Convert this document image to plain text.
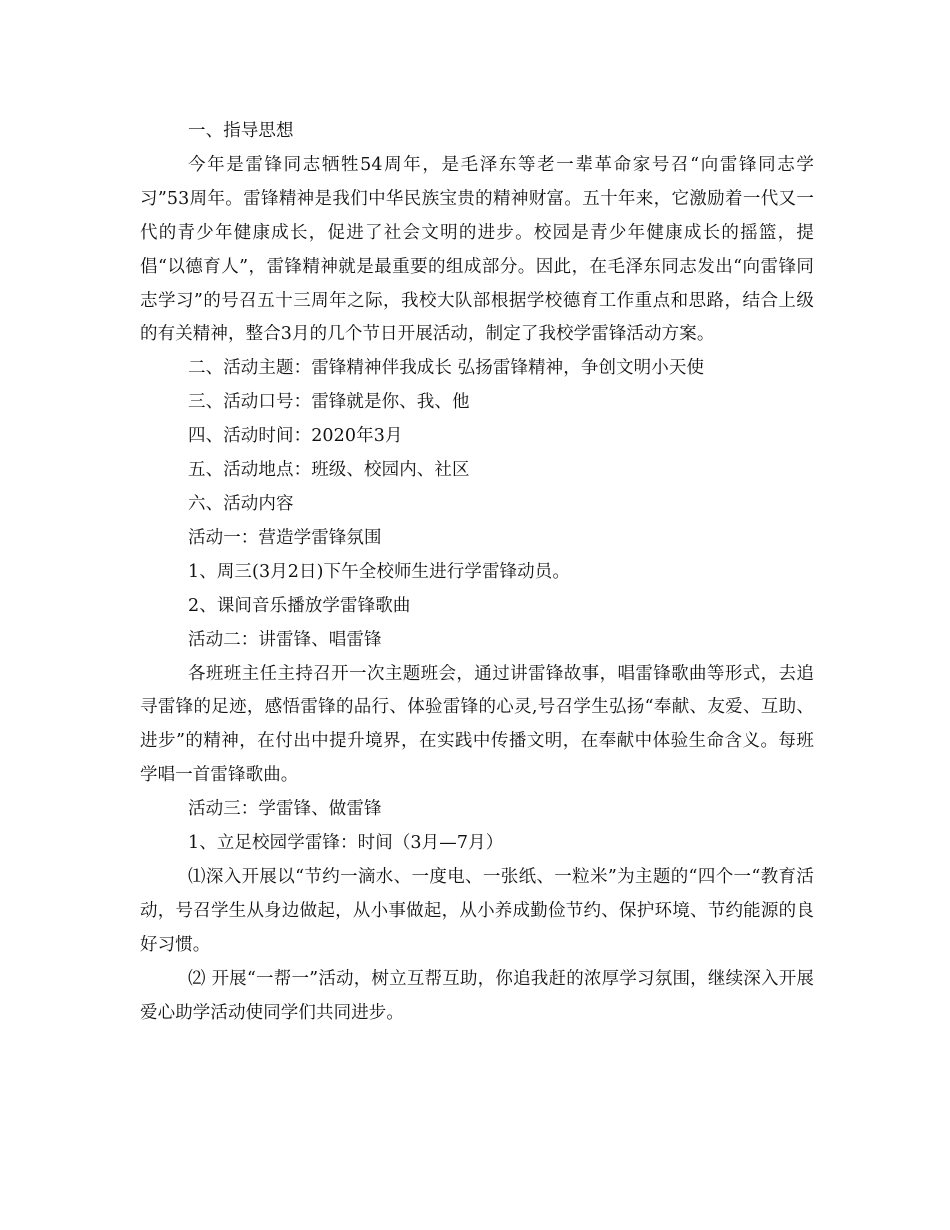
一、指导思想

今年是雷锋同志牺牲54周年，是毛泽东等老一辈革命家号召“向雷锋同志学习”53周年。雷锋精神是我们中华民族宝贵的精神财富。五十年来，它激励着一代又一代的青少年健康成长，促进了社会文明的进步。校园是青少年健康成长的摇篮，提倡“以德育人”，雷锋精神就是最重要的组成部分。因此，在毛泽东同志发出“向雷锋同志学习”的号召五十三周年之际，我校大队部根据学校德育工作重点和思路，结合上级的有关精神，整合3月的几个节日开展活动，制定了我校学雷锋活动方案。

二、活动主题：雷锋精神伴我成长 弘扬雷锋精神，争创文明小天使

三、活动口号：雷锋就是你、我、他

四、活动时间：2020年3月

五、活动地点：班级、校园内、社区

六、活动内容

活动一：营造学雷锋氛围

1、周三(3月2日)下午全校师生进行学雷锋动员。

2、课间音乐播放学雷锋歌曲

活动二：讲雷锋、唱雷锋

各班班主任主持召开一次主题班会，通过讲雷锋故事，唱雷锋歌曲等形式，去追寻雷锋的足迹，感悟雷锋的品行、体验雷锋的心灵,号召学生弘扬“奉献、友爱、互助、进步”的精神，在付出中提升境界，在实践中传播文明，在奉献中体验生命含义。每班学唱一首雷锋歌曲。

活动三：学雷锋、做雷锋

1、立足校园学雷锋：时间（3月—7月）

⑴深入开展以“节约一滴水、一度电、一张纸、一粒米”为主题的“四个一“教育活动，号召学生从身边做起，从小事做起，从小养成勤俭节约、保护环境、节约能源的良好习惯。

⑵ 开展“一帮一”活动，树立互帮互助，你追我赶的浓厚学习氛围，继续深入开展爱心助学活动使同学们共同进步。
